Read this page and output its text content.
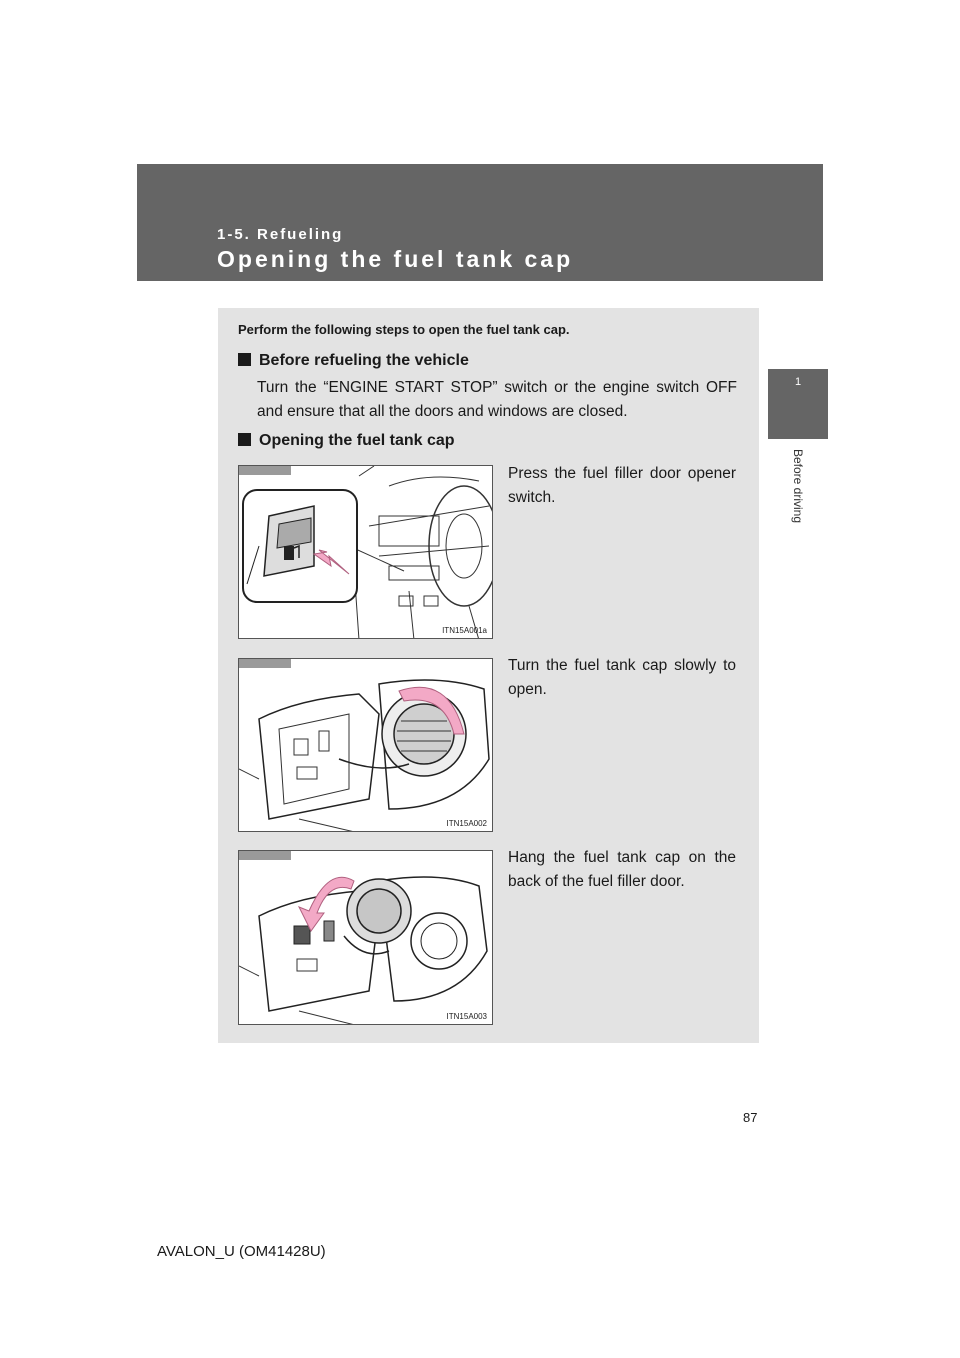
1-5. Refueling
Opening the fuel tank cap
1
Before driving
Perform the following steps to open the fuel tank cap.
Before refueling the vehicle
Turn the “ENGINE START STOP” switch or the engine switch OFF and ensure that all the doors and windows are closed.
Opening the fuel tank cap
ITN15A001a
Press the fuel filler door opener switch.
ITN15A002
Turn the fuel tank cap slowly to open.
ITN15A003
Hang the fuel tank cap on the back of the fuel filler door.
87
AVALON_U (OM41428U)
